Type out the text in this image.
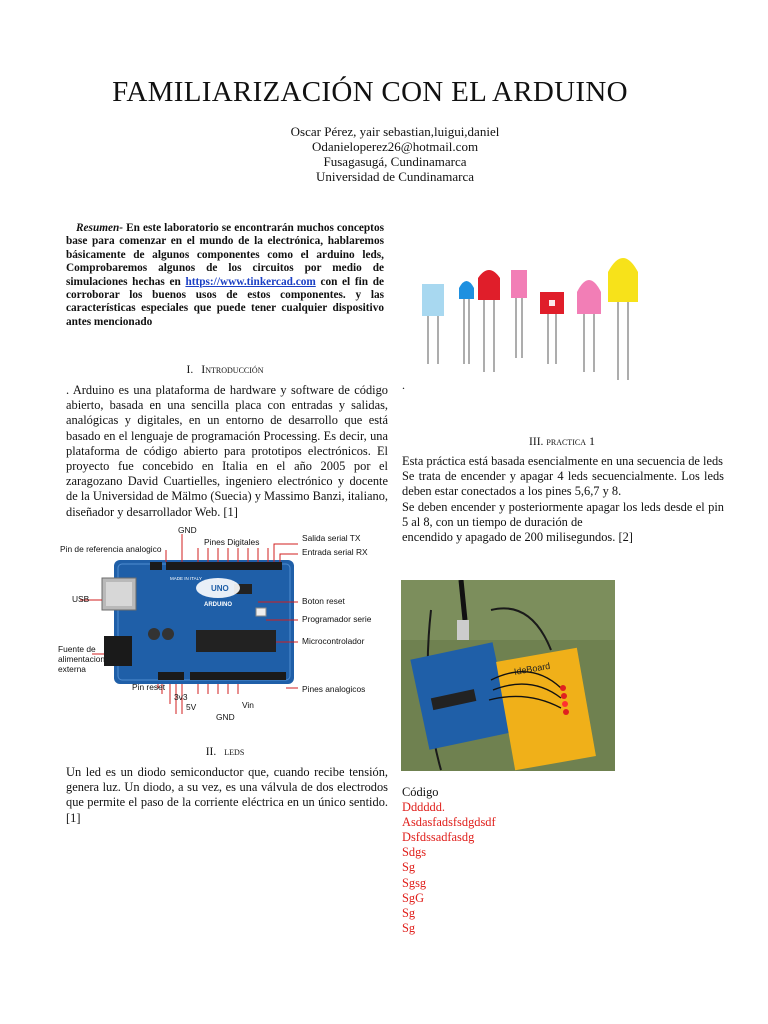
FAMILIARIZACIÓN CON EL ARDUINO
Oscar Pérez, yair sebastian,luigui,daniel
Odanieloperez26@hotmail.com
Fusagasugá, Cundinamarca
Universidad de Cundinamarca
Resumen- En este laboratorio se encontrarán muchos conceptos base para comenzar en el mundo de la electrónica, hablaremos básicamente de algunos componentes como el arduino leds, Comprobaremos algunos de los circuitos por medio de simulaciones hechas en https://www.tinkercad.com con el fin de corroborar los buenos usos de estos componentes. y las características especiales que puede tener cualquier dispositivo antes mencionado
I. Introducción
. Arduino es una plataforma de hardware y software de código abierto, basada en una sencilla placa con entradas y salidas, analógicas y digitales, en un entorno de desarrollo que está basado en el lenguaje de programación Processing. Es decir, una plataforma de código abierto para prototipos electrónicos. El proyecto fue concebido en Italia en el año 2005 por el zaragozano David Cuartielles, ingeniero electrónico y docente de la Universidad de Mälmo (Suecia) y Massimo Banzi, italiano, diseñador y desarrollador Web. [1]
UNO
ARDUINO
MADE IN ITALY
GND
Pines Digitales	Salida serial TX
Entrada serial RX
Pin de referencia analogico
USB	Boton reset
Programador serie
Microcontrolador
Fuente de
alimentacion
externa
Pin reset
3v3
5V
GND
Vin
Pines analogicos
II. leds
Un led es un diodo semiconductor que, cuando recibe tensión, genera luz. Un diodo, a su vez, es una válvula de dos electrodos que permite el paso de la corriente eléctrica en un único sentido. [1]
.
III. practica 1
Esta práctica está basada esencialmente en una secuencia de leds
Se trata de encender y apagar 4 leds secuencialmente. Los leds deben estar conectados a los pines 5,6,7 y 8.
Se deben encender y posteriormente apagar los leds desde el pin 5 al 8, con un tiempo de duración de
encendido y apagado de 200 milisegundos. [2]
IdeBoard
Código
Dddddd.
Asdasfadsfsdgdsdf
Dsfdssadfasdg
Sdgs
Sg
Sgsg
SgG
Sg
Sg
